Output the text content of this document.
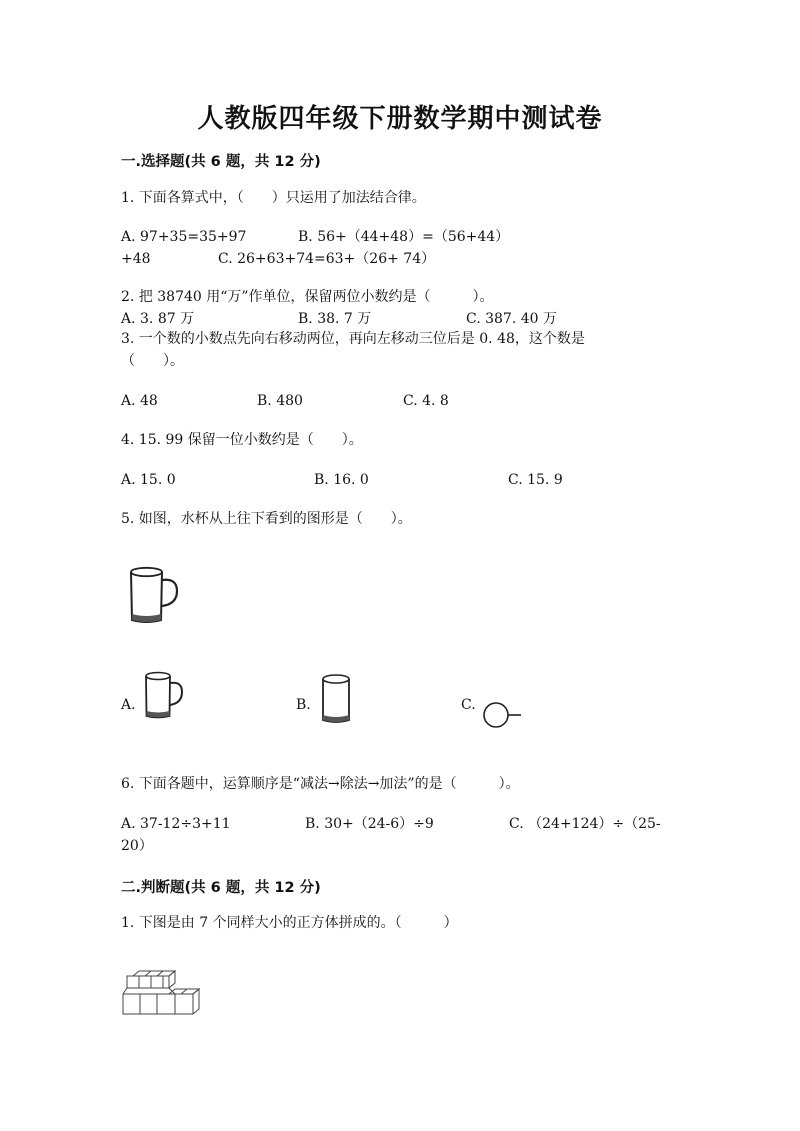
人教版四年级下册数学期中测试卷
一.选择题(共 6 题，共 12 分)
1. 下面各算式中，（　　）只运用了加法结合律。
A. 97+35=35+97	B. 56+（44+48）=（56+44）
+48	C. 26+63+74=63+（26+ 74）
2. 把 38740 用“万”作单位，保留两位小数约是（　　　）。
A. 3. 87 万	B. 38. 7 万	C. 387. 40 万
3. 一个数的小数点先向右移动两位，再向左移动三位后是 0. 48，这个数是
（　　）。
A. 48	B. 480	C. 4. 8
4. 15. 99 保留一位小数约是（　　）。
A. 15. 0	B. 16. 0	C. 15. 9
5. 如图，水杯从上往下看到的图形是（　　）。
A.	B.	C.
6. 下面各题中，运算顺序是“减法→除法→加法”的是（　　　）。
A. 37-12÷3+11	B. 30+（24-6）÷9	C. （24+124）÷（25-
20）
二.判断题(共 6 题，共 12 分)
1. 下图是由 7 个同样大小的正方体拼成的。（　　　）
